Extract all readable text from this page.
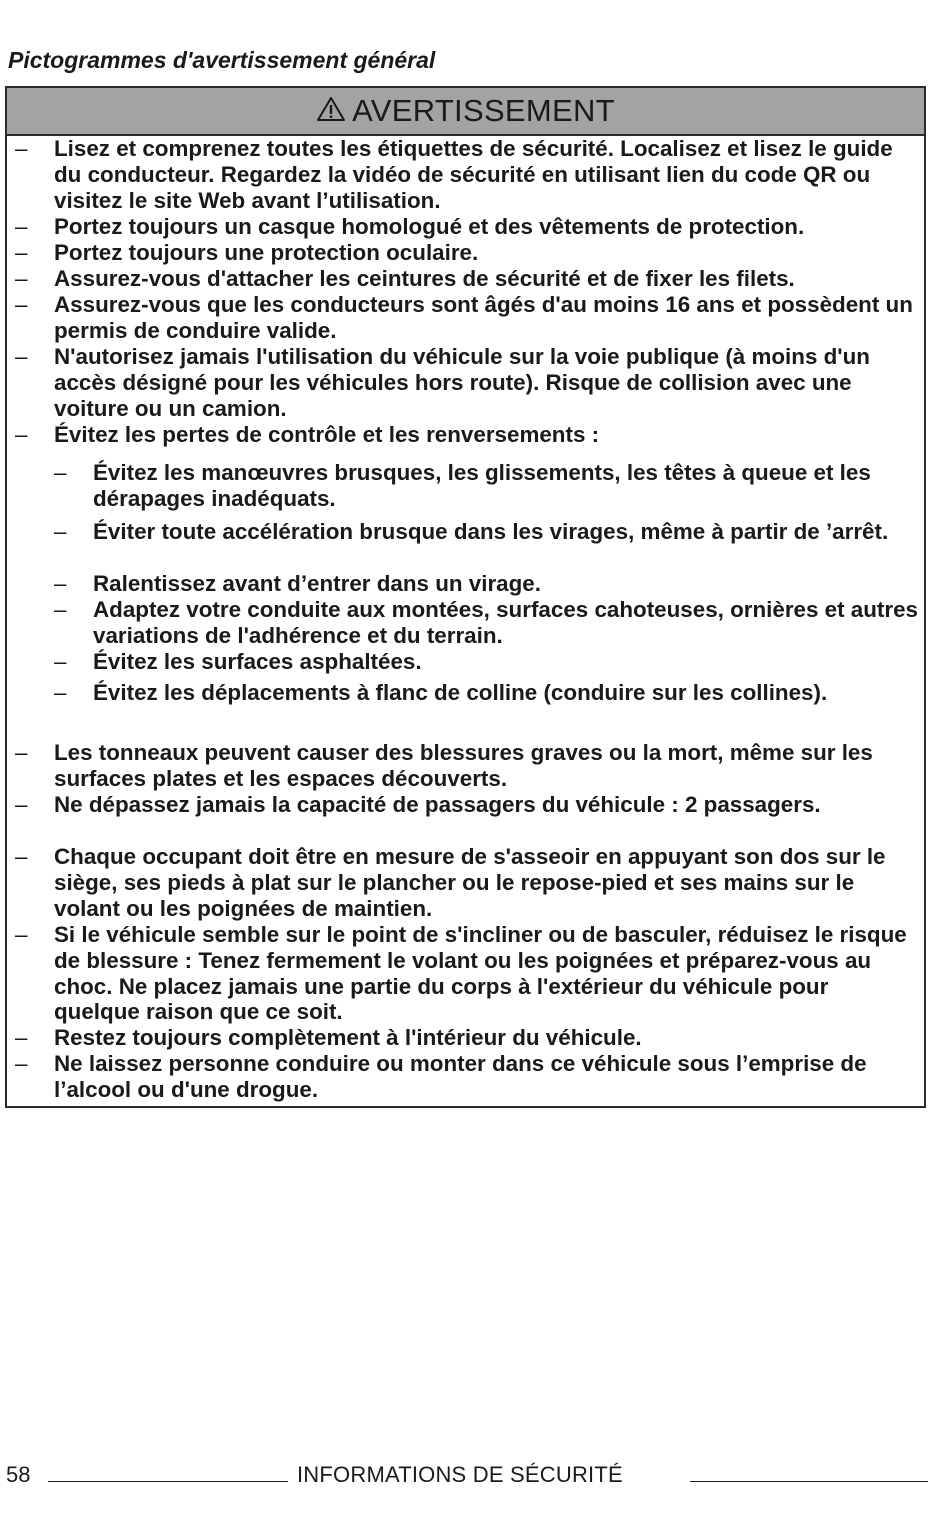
Pictogrammes d'avertissement général
AVERTISSEMENT
–	Lisez et comprenez toutes les étiquettes de sécurité. Localisez et lisez le guide du conducteur. Regardez la vidéo de sécurité en utilisant lien du code QR ou visitez le site Web avant l’utilisation.
–	Portez toujours un casque homologué et des vêtements de protection.
–	Portez toujours une protection oculaire.
–	Assurez-vous d'attacher les ceintures de sécurité et de fixer les filets.
–	Assurez-vous que les conducteurs sont âgés d'au moins 16 ans et possèdent un permis de conduire valide.
–	N'autorisez jamais l'utilisation du véhicule sur la voie publique (à moins d'un accès désigné pour les véhicules hors route). Risque de collision avec une voiture ou un camion.
–	Évitez les pertes de contrôle et les renversements :
–	Évitez les manœuvres brusques, les glissements, les têtes à queue et les dérapages inadéquats.
–	Éviter toute accélération brusque dans les virages, même à partir de ’arrêt.
–	Ralentissez avant d’entrer dans un virage.
–	Adaptez votre conduite aux montées, surfaces cahoteuses, ornières et autres variations de l'adhérence et du terrain.
–	Évitez les surfaces asphaltées.
–	Évitez les déplacements à flanc de colline (conduire sur les collines).
–	Les tonneaux peuvent causer des blessures graves ou la mort, même sur les surfaces plates et les espaces découverts.
–	Ne dépassez jamais la capacité de passagers du véhicule : 2 passagers.
–	Chaque occupant doit être en mesure de s'asseoir en appuyant son dos sur le siège, ses pieds à plat sur le plancher ou le repose-pied et ses mains sur le volant ou les poignées de maintien.
–	Si le véhicule semble sur le point de s'incliner ou de basculer, réduisez le risque de blessure : Tenez fermement le volant ou les poignées et préparez-vous au choc. Ne placez jamais une partie du corps à l'extérieur du véhicule pour quelque raison que ce soit.
–	Restez toujours complètement à l'intérieur du véhicule.
–	Ne laissez personne conduire ou monter dans ce véhicule sous l’emprise de l’alcool ou d'une drogue.
58	INFORMATIONS DE SÉCURITÉ
